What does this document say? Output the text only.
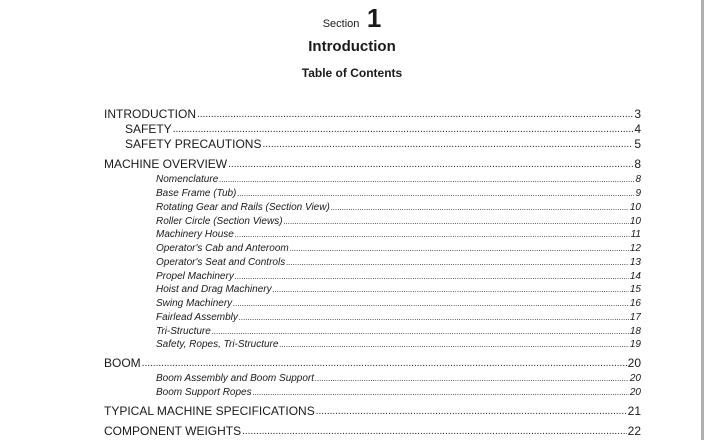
Section 1
Introduction
Table of Contents
INTRODUCTION .....	3
SAFETY .....	4
SAFETY PRECAUTIONS .....	5
MACHINE OVERVIEW .....	8
Nomenclature .....	8
Base Frame (Tub) .....	9
Rotating Gear and Rails (Section View) .....	10
Roller Circle (Section Views) .....	10
Machinery House .....	11
Operator's Cab and Anteroom .....	12
Operator's Seat and Controls .....	13
Propel Machinery .....	14
Hoist and Drag Machinery .....	15
Swing Machinery .....	16
Fairlead Assembly .....	17
Tri-Structure .....	18
Safety, Ropes, Tri-Structure .....	19
BOOM .....	20
Boom Assembly and Boom Support .....	20
Boom Support Ropes .....	20
TYPICAL MACHINE SPECIFICATIONS .....	21
COMPONENT WEIGHTS .....	22
